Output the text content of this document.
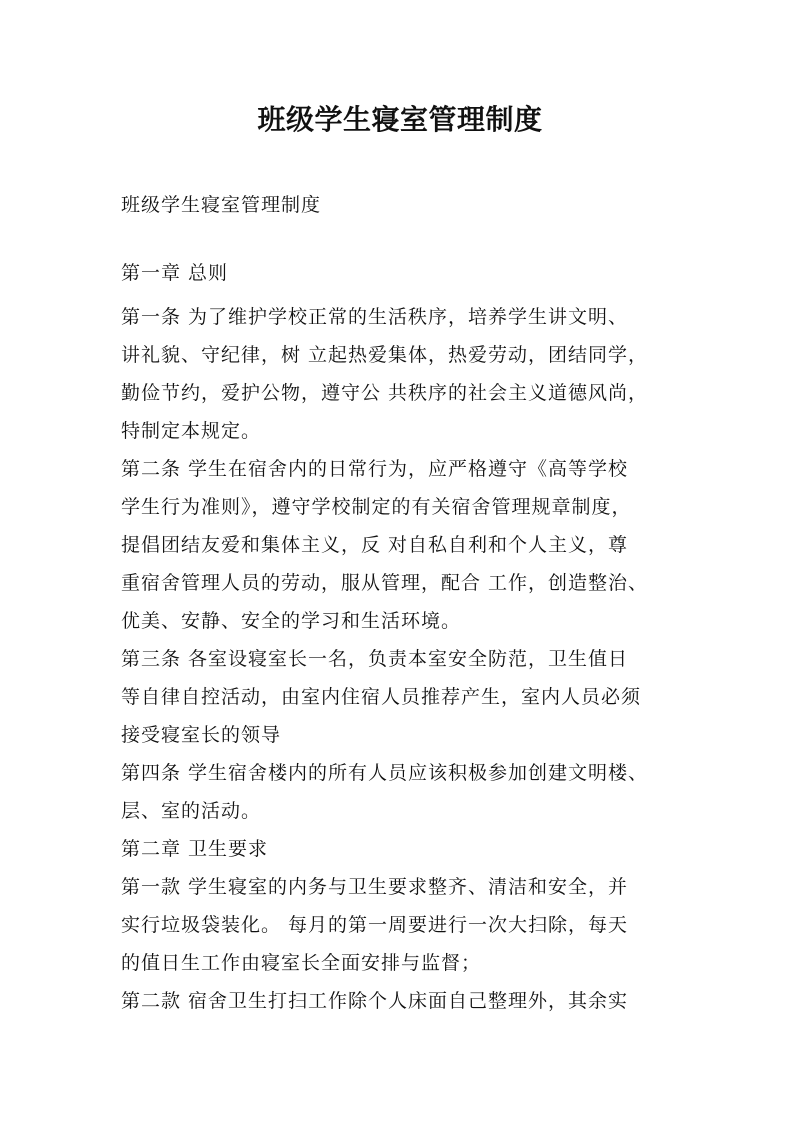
班级学生寝室管理制度
班级学生寝室管理制度
第一章 总则
第一条 为了维护学校正常的生活秩序，培养学生讲文明、
讲礼貌、守纪律，树 立起热爱集体，热爱劳动，团结同学，
勤俭节约，爱护公物，遵守公 共秩序的社会主义道德风尚，
特制定本规定。
第二条 学生在宿舍内的日常行为，应严格遵守《高等学校
学生行为准则》，遵守学校制定的有关宿舍管理规章制度，
提倡团结友爱和集体主义，反 对自私自利和个人主义，尊
重宿舍管理人员的劳动，服从管理，配合 工作，创造整治、
优美、安静、安全的学习和生活环境。
第三条 各室设寝室长一名，负责本室安全防范，卫生值日
等自律自控活动，由室内住宿人员推荐产生，室内人员必须
接受寝室长的领导
第四条 学生宿舍楼内的所有人员应该积极参加创建文明楼、
层、室的活动。
第二章 卫生要求
第一款 学生寝室的内务与卫生要求整齐、清洁和安全，并
实行垃圾袋装化。 每月的第一周要进行一次大扫除，每天
的值日生工作由寝室长全面安排与监督；
第二款 宿舍卫生打扫工作除个人床面自己整理外，其余实
